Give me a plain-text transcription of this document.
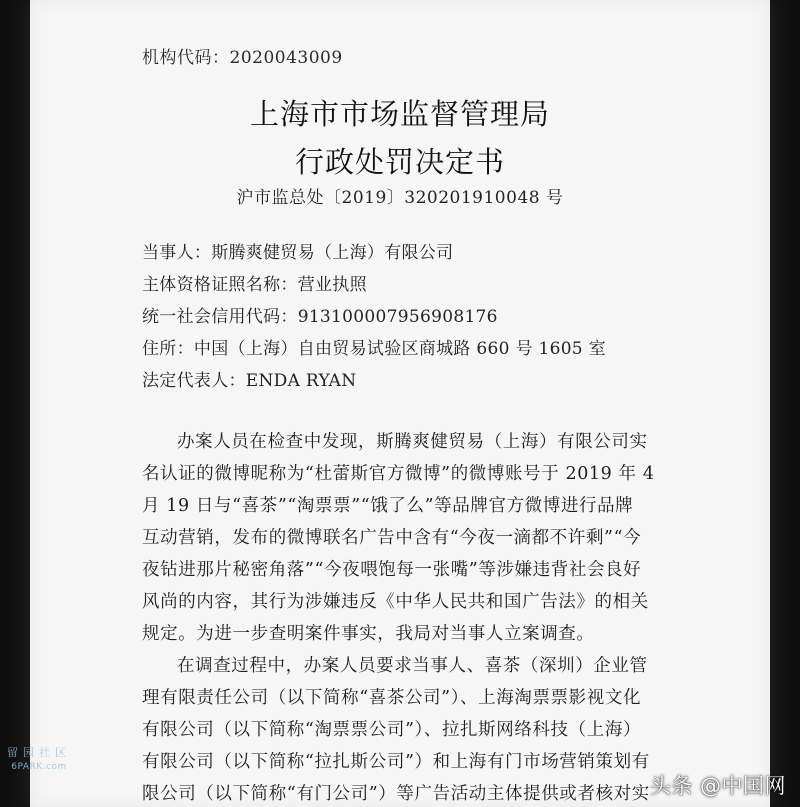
机构代码：2020043009
上海市市场监督管理局
行政处罚决定书
沪市监总处〔2019〕320201910048 号
当事人：斯腾爽健贸易（上海）有限公司
主体资格证照名称：营业执照
统一社会信用代码：91310000795690817​6
住所：中国（上海）自由贸易试验区商城路 660 号 1605 室
法定代表人：ENDA RYAN
办案人员在检查中发现，斯腾爽健贸易（上海）有限公司实
名认证的微博昵称为“杜蕾斯官方微博”的微博账号于 2019 年 4
月 19 日与“喜茶”“淘票票”“饿了么”等品牌官方微博进行品牌
互动营销，发布的微博联名广告中含有“今夜一滴都不许剩”“今
夜钻进那片秘密角落”“今夜喂饱每一张嘴”等涉嫌违背社会良好
风尚的内容，其行为涉嫌违反《中华人民共和国广告法》的相关
规定。为进一步查明案件事实，我局对当事人立案调查。
在调查过程中，办案人员要求当事人、喜茶（深圳）企业管
理有限责任公司（以下简称“喜茶公司”）、上海淘票票影视文化
有限公司（以下简称“淘票票公司”）、拉扎斯网络科技（上海）
有限公司（以下简称“拉扎斯公司”）和上海有门市场营销策划有
限公司（以下简称“有门公司”）等广告活动主体提供或者核对实
留园社区
6PARK.com
头条 @中国网
